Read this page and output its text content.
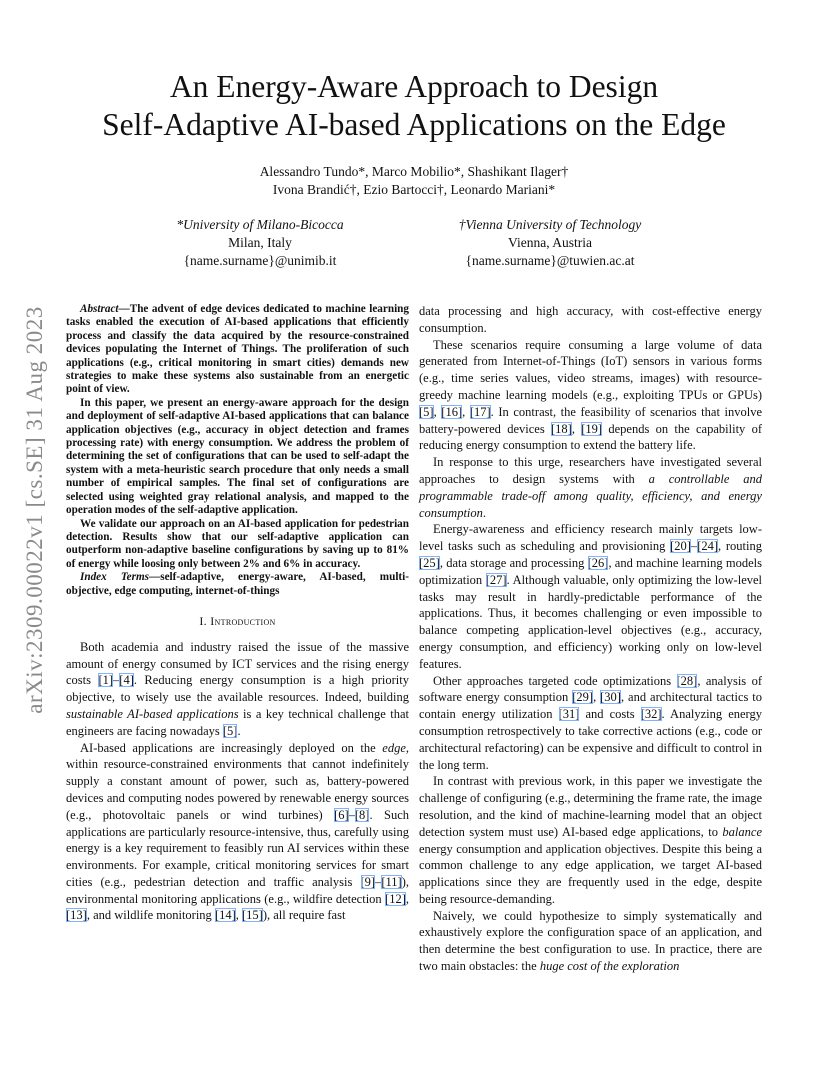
arXiv:2309.00022v1 [cs.SE] 31 Aug 2023
An Energy-Aware Approach to Design
Self-Adaptive AI-based Applications on the Edge
Alessandro Tundo*, Marco Mobilio*, Shashikant Ilager†
Ivona Brandić†, Ezio Bartocci†, Leonardo Mariani*
*University of Milano-Bicocca
Milan, Italy
{name.surname}@unimib.it
†Vienna University of Technology
Vienna, Austria
{name.surname}@tuwien.ac.at

Abstract—The advent of edge devices dedicated to machine learning tasks enabled the execution of AI-based applications that efficiently process and classify the data acquired by the resource-constrained devices populating the Internet of Things. The proliferation of such applications (e.g., critical monitoring in smart cities) demands new strategies to make these systems also sustainable from an energetic point of view.

In this paper, we present an energy-aware approach for the design and deployment of self-adaptive AI-based applications that can balance application objectives (e.g., accuracy in object detection and frames processing rate) with energy consumption. We address the problem of determining the set of configurations that can be used to self-adapt the system with a meta-heuristic search procedure that only needs a small number of empirical samples. The final set of configurations are selected using weighted gray relational analysis, and mapped to the operation modes of the self-adaptive application.

We validate our approach on an AI-based application for pedestrian detection. Results show that our self-adaptive application can outperform non-adaptive baseline configurations by saving up to 81% of energy while loosing only between 2% and 6% in accuracy.

Index Terms—self-adaptive, energy-aware, AI-based, multi-objective, edge computing, internet-of-things

I. Introduction

Both academia and industry raised the issue of the massive amount of energy consumed by ICT services and the rising energy costs [1]–[4]. Reducing energy consumption is a high priority objective, to wisely use the available resources. Indeed, building sustainable AI-based applications is a key technical challenge that engineers are facing nowadays [5].

AI-based applications are increasingly deployed on the edge, within resource-constrained environments that cannot indefinitely supply a constant amount of power, such as, battery-powered devices and computing nodes powered by renewable energy sources (e.g., photovoltaic panels or wind turbines) [6]–[8]. Such applications are particularly resource-intensive, thus, carefully using energy is a key requirement to feasibly run AI services within these environments. For example, critical monitoring services for smart cities (e.g., pedestrian detection and traffic analysis [9]–[11]), environmental monitoring applications (e.g., wildfire detection [12], [13], and wildlife monitoring [14], [15]), all require fast

data processing and high accuracy, with cost-effective energy consumption.

These scenarios require consuming a large volume of data generated from Internet-of-Things (IoT) sensors in various forms (e.g., time series values, video streams, images) with resource-greedy machine learning models (e.g., exploiting TPUs or GPUs) [5], [16], [17]. In contrast, the feasibility of scenarios that involve battery-powered devices [18], [19] depends on the capability of reducing energy consumption to extend the battery life.

In response to this urge, researchers have investigated several approaches to design systems with a controllable and programmable trade-off among quality, efficiency, and energy consumption.

Energy-awareness and efficiency research mainly targets low-level tasks such as scheduling and provisioning [20]–[24], routing [25], data storage and processing [26], and machine learning models optimization [27]. Although valuable, only optimizing the low-level tasks may result in hardly-predictable performance of the applications. Thus, it becomes challenging or even impossible to balance competing application-level objectives (e.g., accuracy, energy consumption, and efficiency) working only on low-level features.

Other approaches targeted code optimizations [28], analysis of software energy consumption [29], [30], and architectural tactics to contain energy utilization [31] and costs [32]. Analyzing energy consumption retrospectively to take corrective actions (e.g., code or architectural refactoring) can be expensive and difficult to control in the long term.

In contrast with previous work, in this paper we investigate the challenge of configuring (e.g., determining the frame rate, the image resolution, and the kind of machine-learning model that an object detection system must use) AI-based edge applications, to balance energy consumption and application objectives. Despite this being a common challenge to any edge application, we target AI-based applications since they are frequently used in the edge, despite being resource-demanding.

Naively, we could hypothesize to simply systematically and exhaustively explore the configuration space of an application, and then determine the best configuration to use. In practice, there are two main obstacles: the huge cost of the exploration
